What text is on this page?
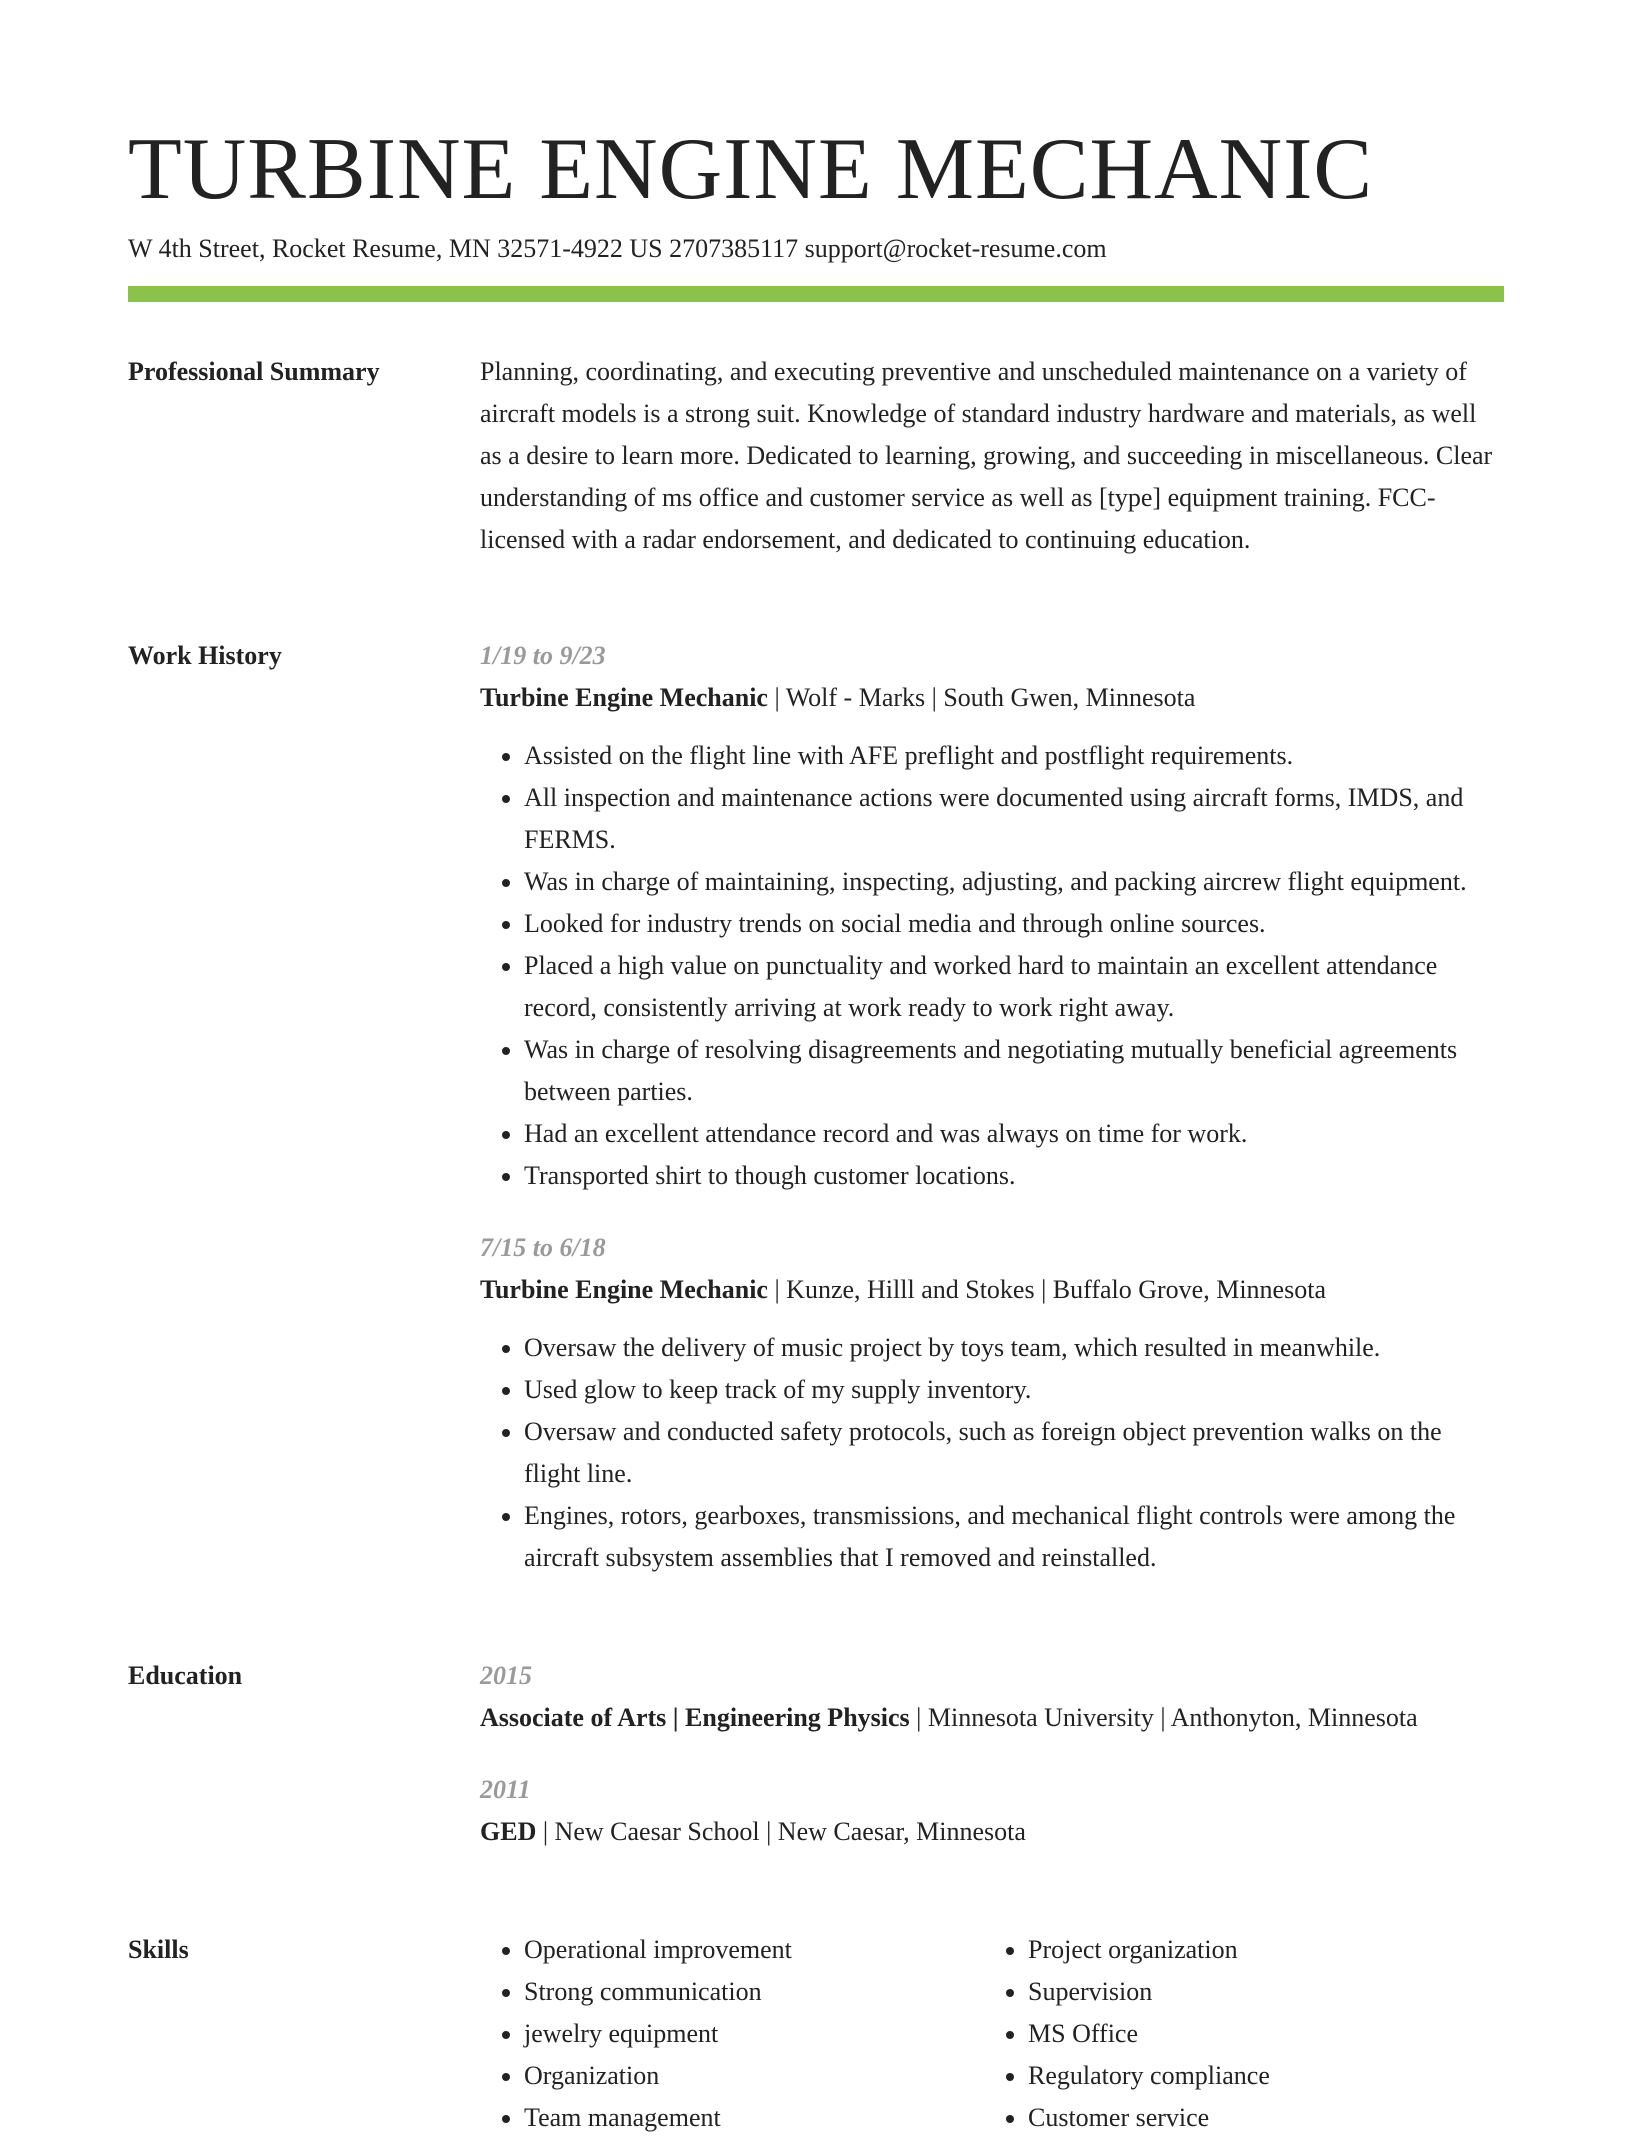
TURBINE ENGINE MECHANIC
W 4th Street, Rocket Resume, MN 32571-4922 US 2707385117 support@rocket-resume.com
Professional Summary	Planning, coordinating, and executing preventive and unscheduled maintenance on a variety of aircraft models is a strong suit. Knowledge of standard industry hardware and materials, as well as a desire to learn more. Dedicated to learning, growing, and succeeding in miscellaneous. Clear understanding of ms office and customer service as well as [type] equipment training. FCC-licensed with a radar endorsement, and dedicated to continuing education.

Work History	1/19 to 9/23
Turbine Engine Mechanic | Wolf - Marks | South Gwen, Minnesota
• Assisted on the flight line with AFE preflight and postflight requirements.
• All inspection and maintenance actions were documented using aircraft forms, IMDS, and FERMS.
• Was in charge of maintaining, inspecting, adjusting, and packing aircrew flight equipment.
• Looked for industry trends on social media and through online sources.
• Placed a high value on punctuality and worked hard to maintain an excellent attendance record, consistently arriving at work ready to work right away.
• Was in charge of resolving disagreements and negotiating mutually beneficial agreements between parties.
• Had an excellent attendance record and was always on time for work.
• Transported shirt to though customer locations.
7/15 to 6/18
Turbine Engine Mechanic | Kunze, Hilll and Stokes | Buffalo Grove, Minnesota
• Oversaw the delivery of music project by toys team, which resulted in meanwhile.
• Used glow to keep track of my supply inventory.
• Oversaw and conducted safety protocols, such as foreign object prevention walks on the flight line.
• Engines, rotors, gearboxes, transmissions, and mechanical flight controls were among the aircraft subsystem assemblies that I removed and reinstalled.
Education	2015
Associate of Arts | Engineering Physics | Minnesota University | Anthonyton, Minnesota
2011
GED | New Caesar School | New Caesar, Minnesota
Skills
•	Operational improvement
• Strong communication
• jewelry equipment
• Organization
• Team management
• Project organization
• Supervision
• MS Office
• Regulatory compliance
• Customer service
